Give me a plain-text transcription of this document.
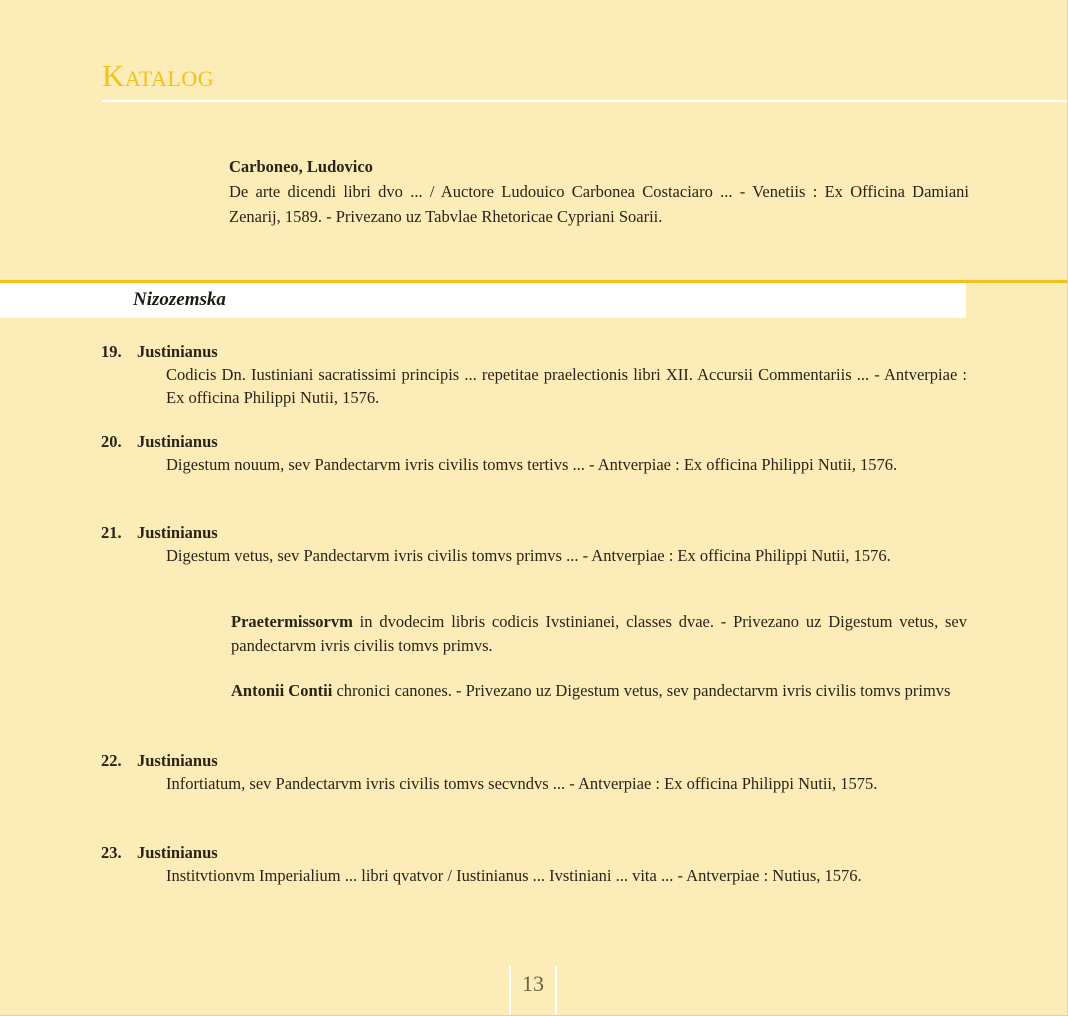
Katalog
Carboneo, Ludovico
De arte dicendi libri dvo ... / Auctore Ludouico Carbonea Costaciaro ... - Venetiis : Ex Officina Damiani Zenarij, 1589. - Privezano uz Tabvlae Rhetoricae Cypriani Soarii.
Nizozemska
19. Justinianus
Codicis Dn. Iustiniani sacratissimi principis ... repetitae praelectionis libri XII. Accursii Commentariis ... - Antverpiae : Ex officina Philippi Nutii, 1576.
20. Justinianus
Digestum nouum, sev Pandectarvm ivris civilis tomvs tertivs ... - Antverpiae : Ex officina Philippi Nutii, 1576.
21. Justinianus
Digestum vetus, sev Pandectarvm ivris civilis tomvs primvs ... - Antverpiae : Ex officina Philippi Nutii, 1576.
Praetermissorvm in dvodecim libris codicis Ivstinianei, classes dvae. - Privezano uz Digestum vetus, sev pandectarvm ivris civilis tomvs primvs.
Antonii Contii chronici canones. - Privezano uz Digestum vetus, sev pandectarvm ivris civilis tomvs primvs
22. Justinianus
Infortiatum, sev Pandectarvm ivris civilis tomvs secvndvs ... - Antverpiae : Ex officina Philippi Nutii, 1575.
23. Justinianus
Institvtionvm Imperialium ... libri qvatvor / Iustinianus ... Ivstiniani ... vita ... - Antverpiae : Nutius, 1576.
13
